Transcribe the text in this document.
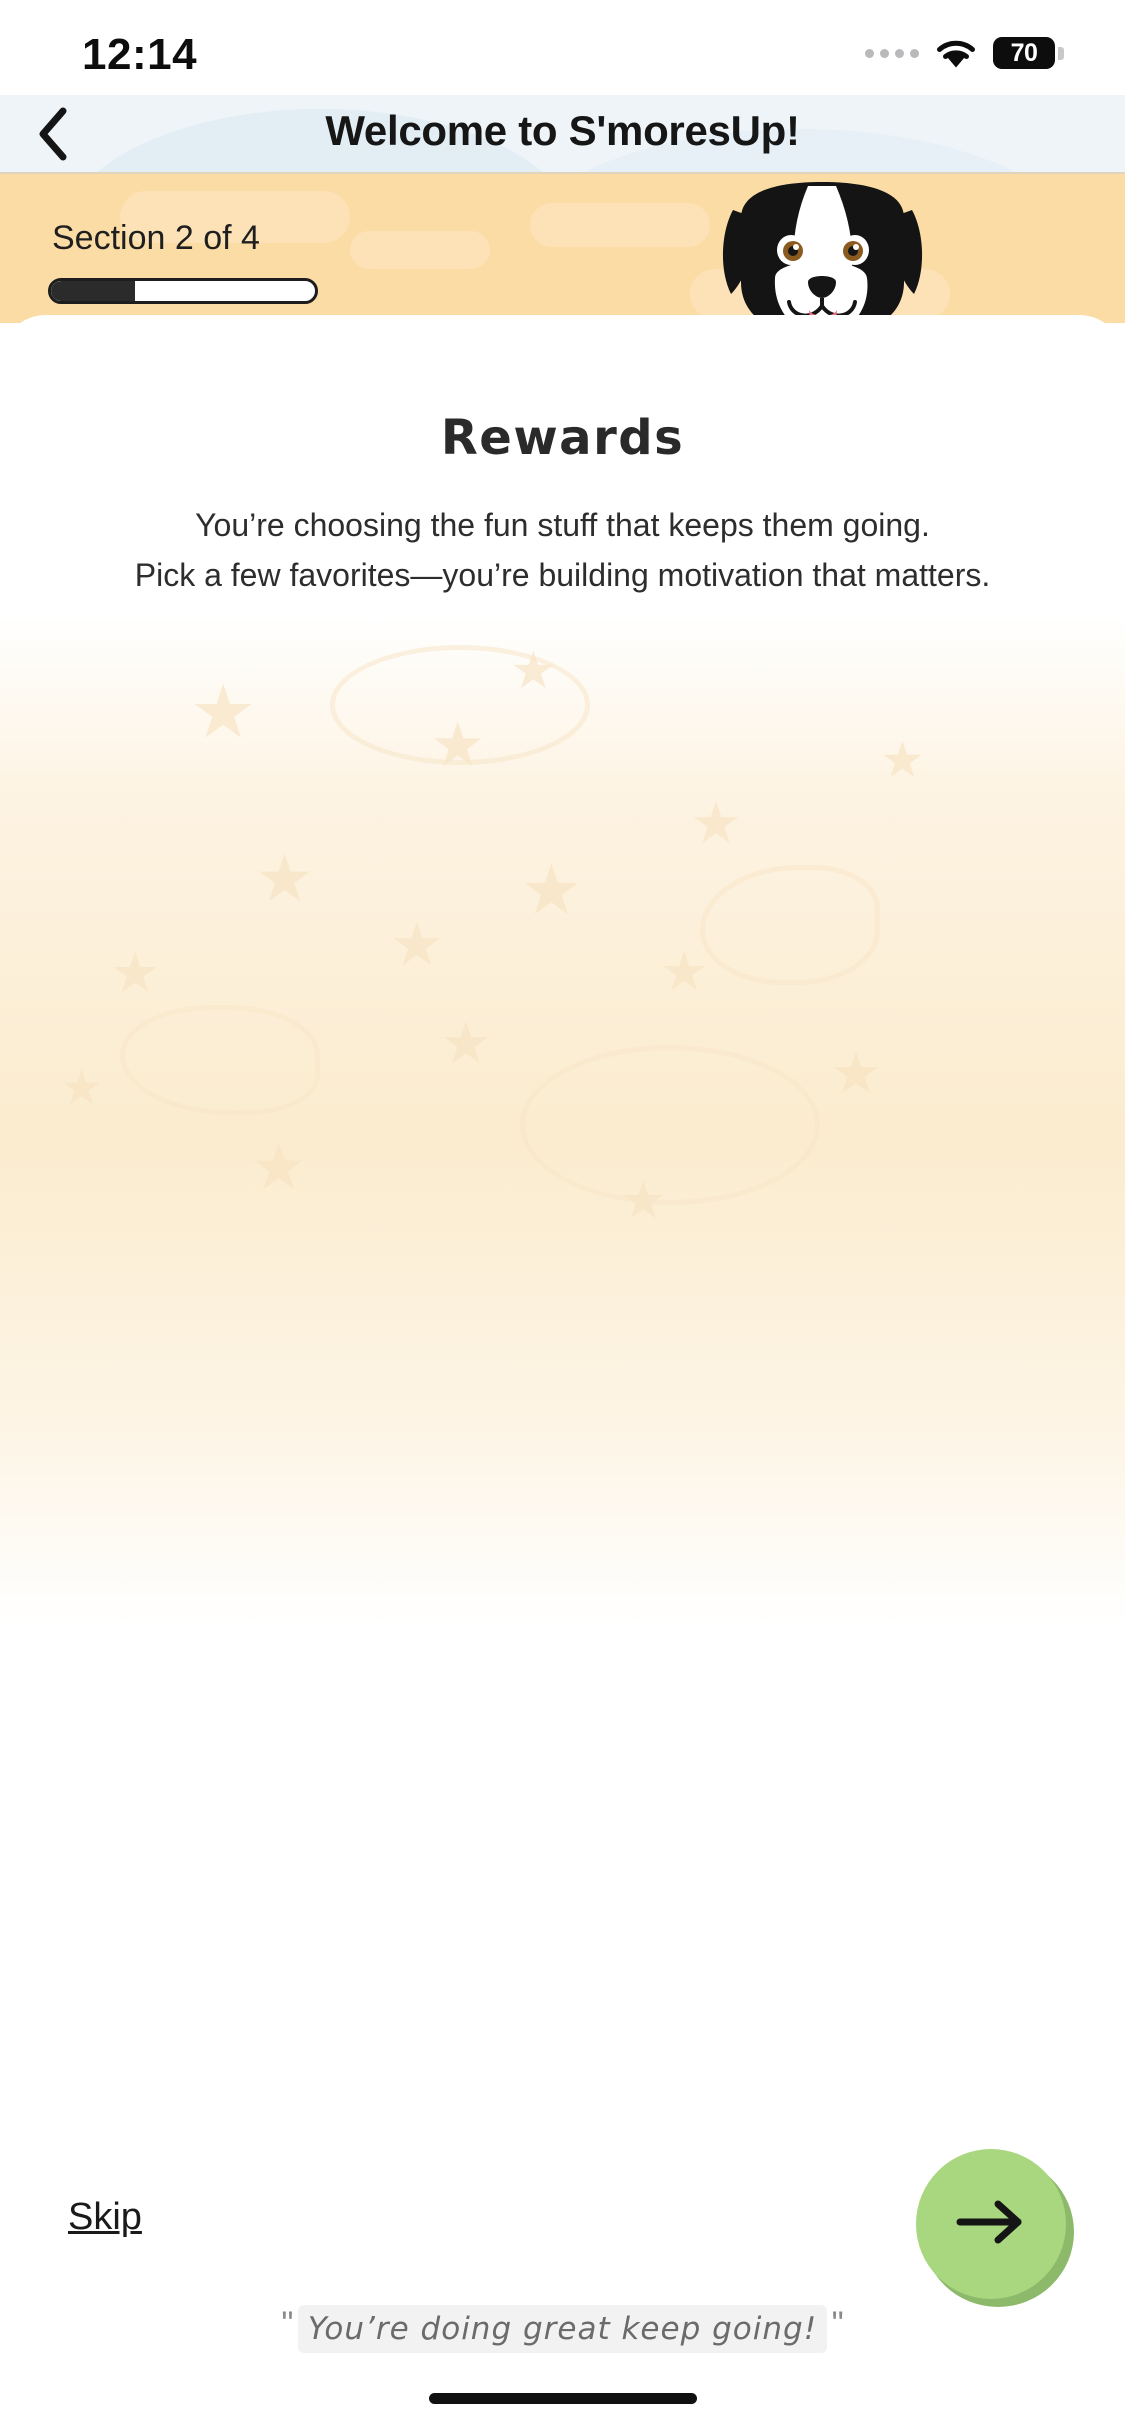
12:14	70
Welcome to S'moresUp!
Section 2 of 4
Rewards
You’re choosing the fun stuff that keeps them going.
Pick a few favorites—you’re building motivation that matters.
★	★
★
★
★
★
★
★	★
★
★	★
★
★	★
" You’re doing great keep going! "
Skip
